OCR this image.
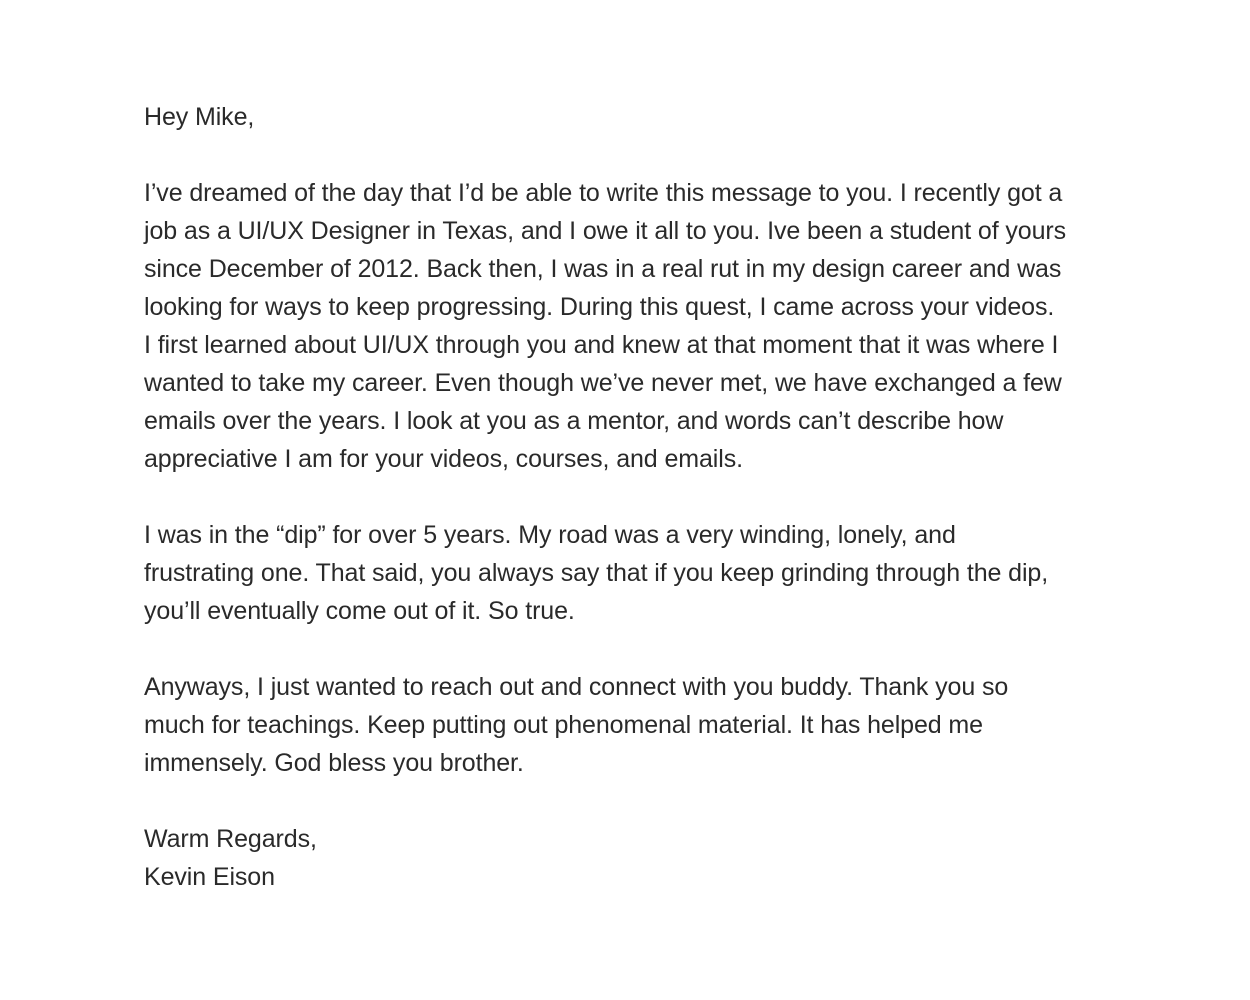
Hey Mike,

I’ve dreamed of the day that I’d be able to write this message to you. I recently got a
job as a UI/UX Designer in Texas, and I owe it all to you. Ive been a student of yours
since December of 2012. Back then, I was in a real rut in my design career and was
looking for ways to keep progressing. During this quest, I came across your videos.
I first learned about UI/UX through you and knew at that moment that it was where I
wanted to take my career. Even though we’ve never met, we have exchanged a few
emails over the years. I look at you as a mentor, and words can’t describe how
appreciative I am for your videos, courses, and emails.

I was in the “dip” for over 5 years. My road was a very winding, lonely, and
frustrating one. That said, you always say that if you keep grinding through the dip,
you’ll eventually come out of it. So true.

Anyways, I just wanted to reach out and connect with you buddy. Thank you so
much for teachings. Keep putting out phenomenal material. It has helped me
immensely. God bless you brother.

Warm Regards,
Kevin Eison
